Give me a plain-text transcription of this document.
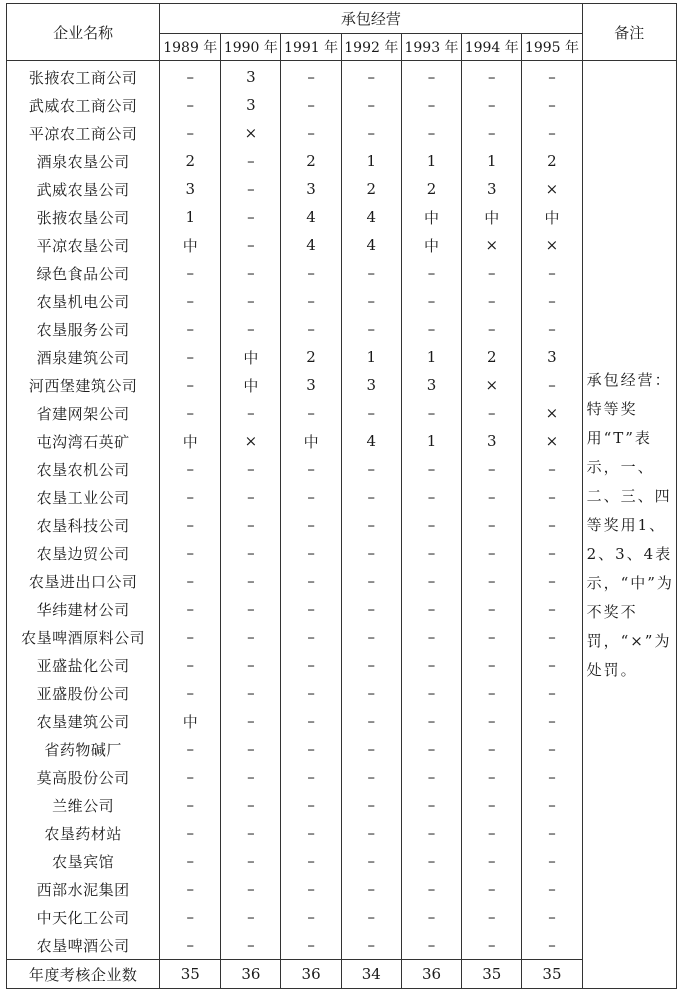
企业名称	承包经营							备注
	1989 年	1990 年	1991 年	1992 年	1993 年	1994 年	1995 年	
张掖农工商公司	–	3	–	–	–	–	–	承包经营：特等奖用“T”表示，一、二、三、四等奖用1、2、3、4表示，“中”为不奖不罚，“×”为处罚。
武威农工商公司	–	3	–	–	–	–	–	
平凉农工商公司	–	×	–	–	–	–	–	
酒泉农垦公司	2	–	2	1	1	1	2	
武威农垦公司	3	–	3	2	2	3	×	
张掖农垦公司	1	–	4	4	中	中	中	
平凉农垦公司	中	–	4	4	中	×	×	
绿色食品公司	–	–	–	–	–	–	–	
农垦机电公司	–	–	–	–	–	–	–	
农垦服务公司	–	–	–	–	–	–	–	
酒泉建筑公司	–	中	2	1	1	2	3	
河西堡建筑公司	–	中	3	3	3	×	–	
省建网架公司	–	–	–	–	–	–	×	
屯沟湾石英矿	中	×	中	4	1	3	×	
农垦农机公司	–	–	–	–	–	–	–	
农垦工业公司	–	–	–	–	–	–	–	
农垦科技公司	–	–	–	–	–	–	–	
农垦边贸公司	–	–	–	–	–	–	–	
农垦进出口公司	–	–	–	–	–	–	–	
华纬建材公司	–	–	–	–	–	–	–	
农垦啤酒原料公司	–	–	–	–	–	–	–	
亚盛盐化公司	–	–	–	–	–	–	–	
亚盛股份公司	–	–	–	–	–	–	–	
农垦建筑公司	中	–	–	–	–	–	–	
省药物碱厂	–	–	–	–	–	–	–	
莫高股份公司	–	–	–	–	–	–	–	
兰维公司	–	–	–	–	–	–	–	
农垦药材站	–	–	–	–	–	–	–	
农垦宾馆	–	–	–	–	–	–	–	
西部水泥集团	–	–	–	–	–	–	–	
中天化工公司	–	–	–	–	–	–	–	
农垦啤酒公司	–	–	–	–	–	–	–	
年度考核企业数	35	36	36	34	36	35	35	
